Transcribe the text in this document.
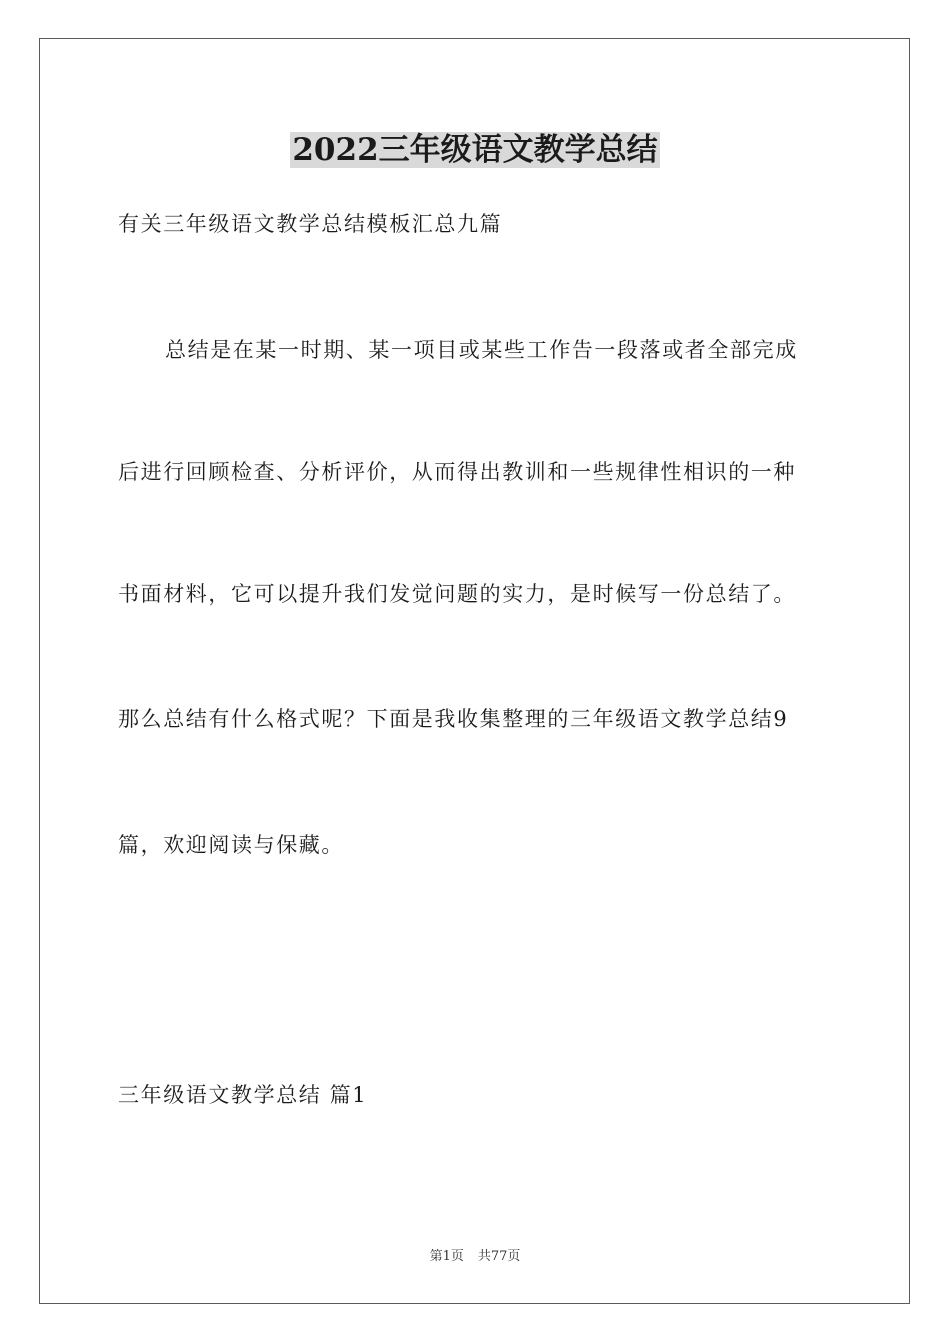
2022三年级语文教学总结

有关三年级语文教学总结模板汇总九篇

总结是在某一时期、某一项目或某些工作告一段落或者全部完成

后进行回顾检查、分析评价，从而得出教训和一些规律性相识的一种

书面材料，它可以提升我们发觉问题的实力，是时候写一份总结了。

那么总结有什么格式呢？下面是我收集整理的三年级语文教学总结9

篇，欢迎阅读与保藏。

三年级语文教学总结 篇1

第1页 共77页
